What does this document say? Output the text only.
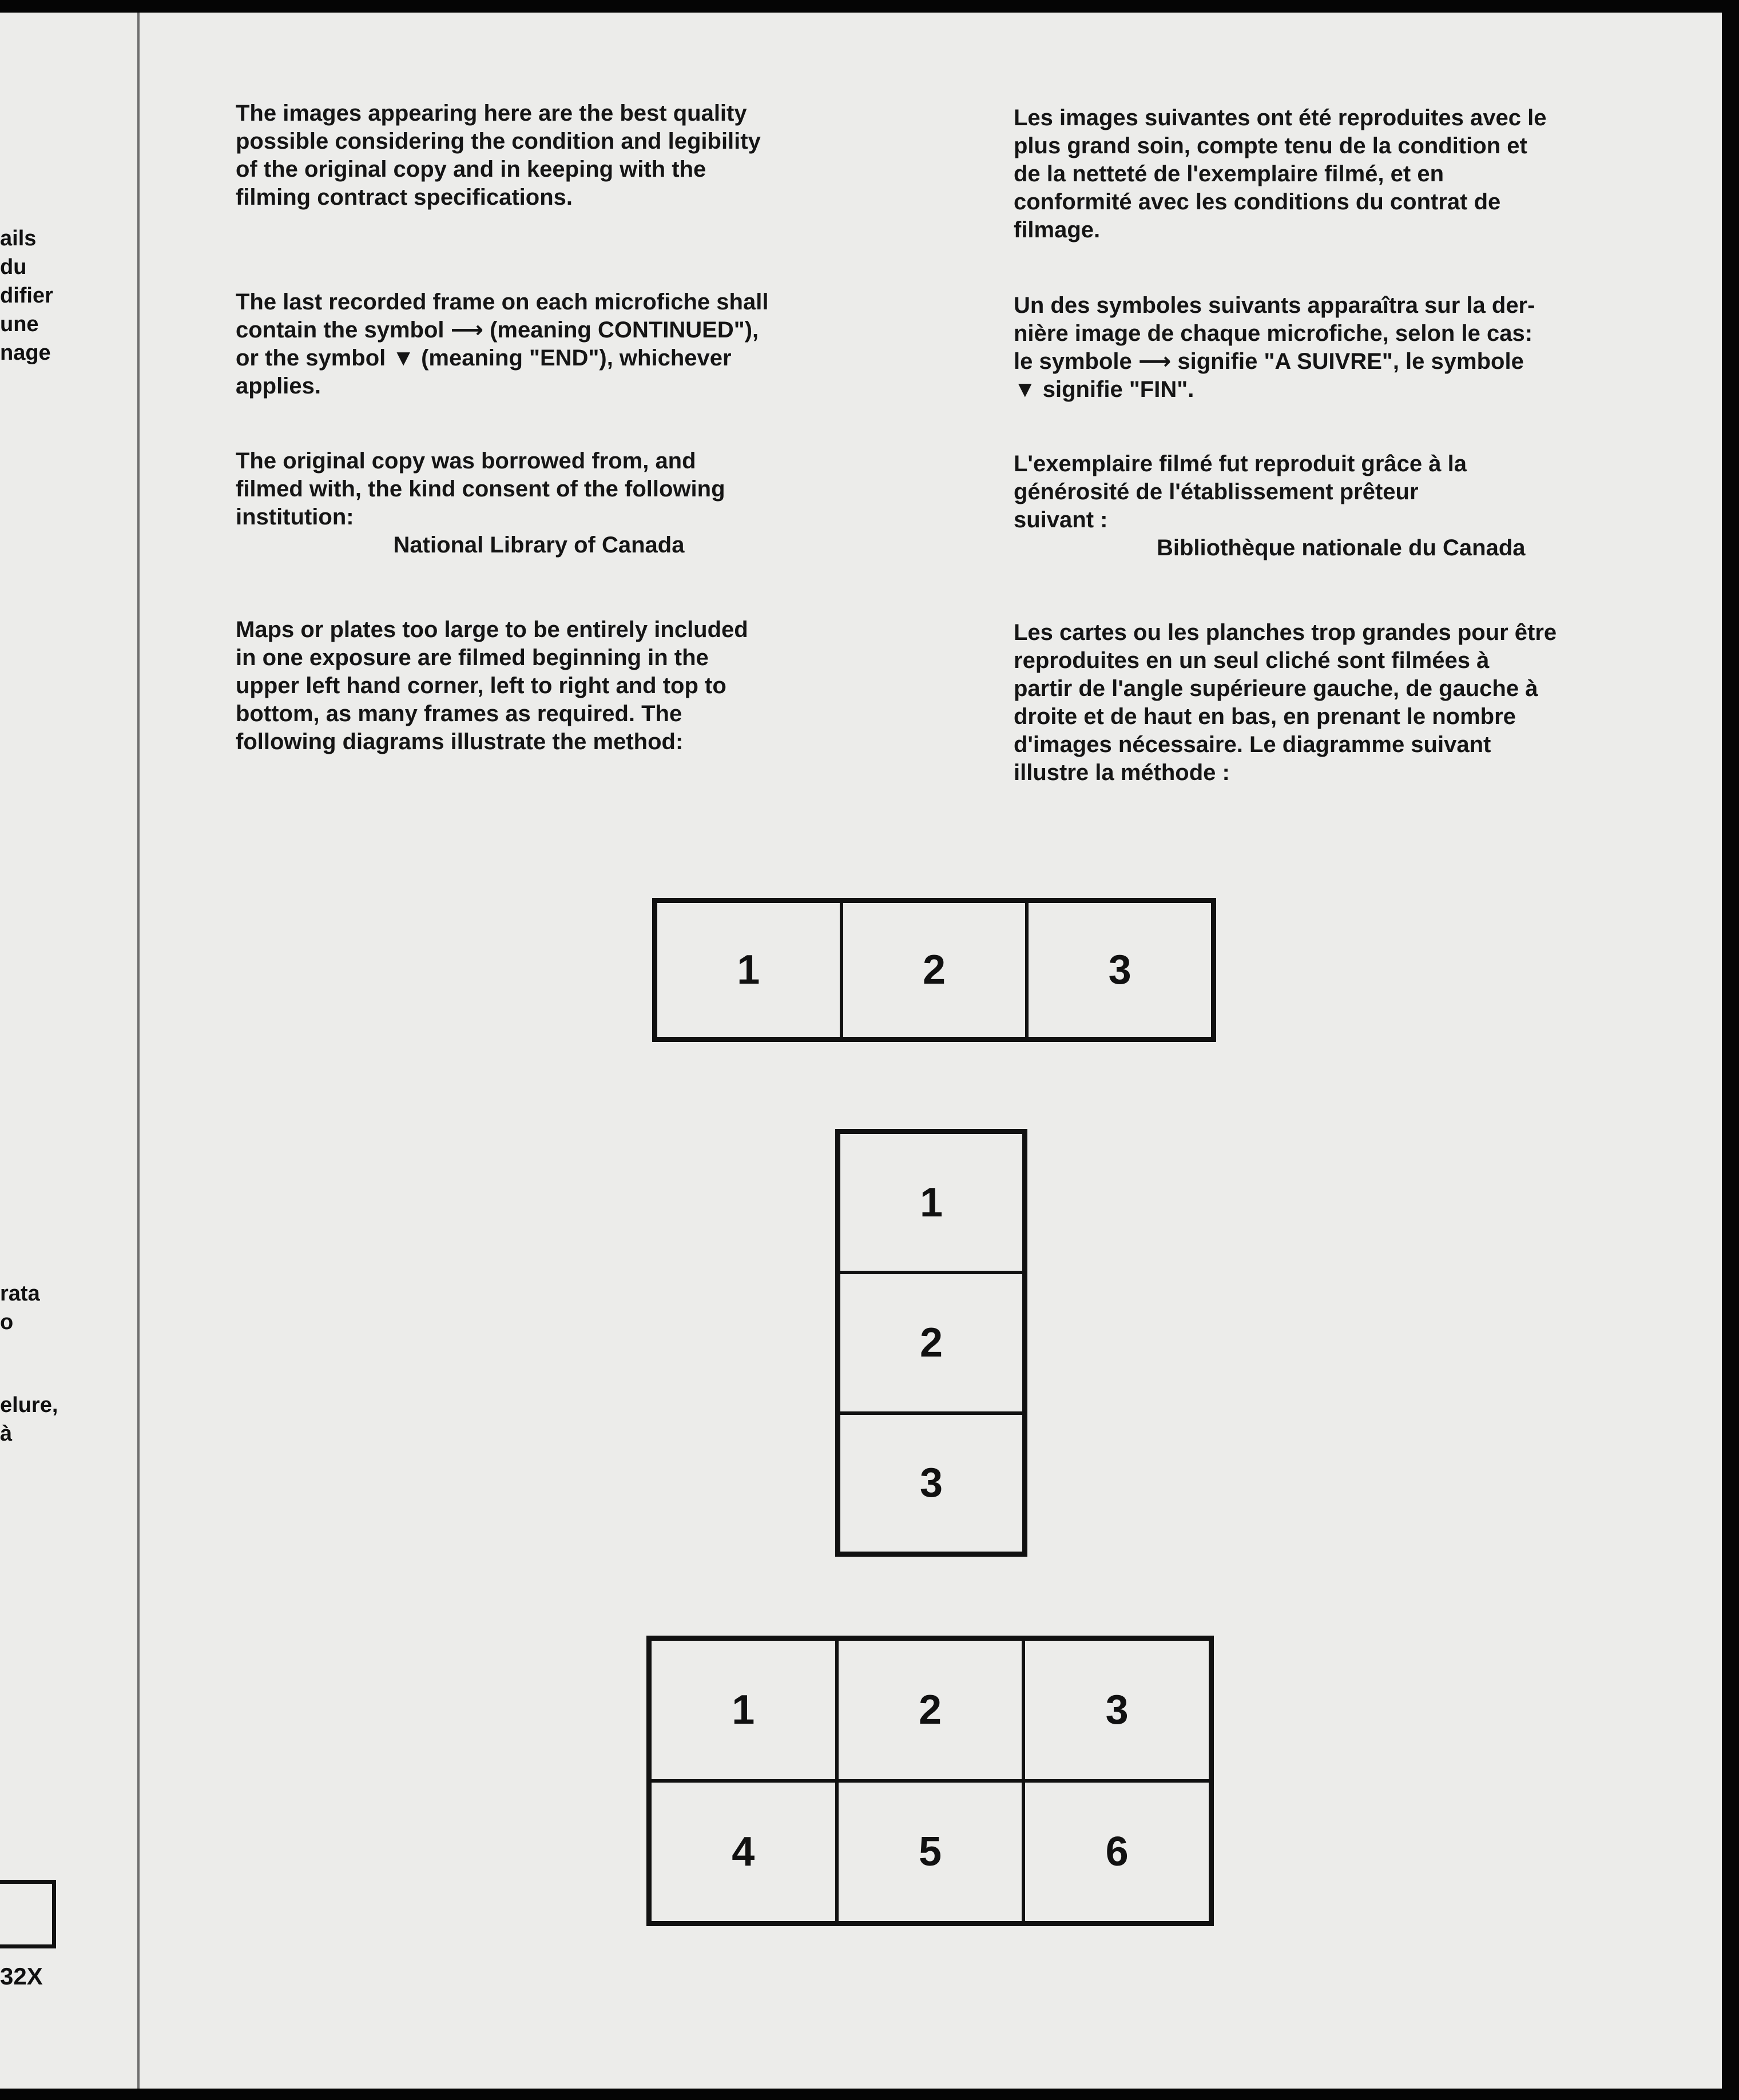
ails
du
difier
une
nage
rata
o
elure,
à
32X
The images appearing here are the best quality
possible considering the condition and legibility
of the original copy and in keeping with the
filming contract specifications.
The last recorded frame on each microfiche shall
contain the symbol ⟶ (meaning CONTINUED"),
or the symbol ▼ (meaning "END"), whichever
applies.
The original copy was borrowed from, and
filmed with, the kind consent of the following
institution:
National Library of Canada
Maps or plates too large to be entirely included
in one exposure are filmed beginning in the
upper left hand corner, left to right and top to
bottom, as many frames as required. The
following diagrams illustrate the method:
Les images suivantes ont été reproduites avec le
plus grand soin, compte tenu de la condition et
de la netteté de l'exemplaire filmé, et en
conformité avec les conditions du contrat de
filmage.
Un des symboles suivants apparaîtra sur la der-
nière image de chaque microfiche, selon le cas:
le symbole ⟶ signifie "A SUIVRE", le symbole
▼ signifie "FIN".
L'exemplaire filmé fut reproduit grâce à la
générosité de l'établissement prêteur
suivant :
Bibliothèque nationale du Canada
Les cartes ou les planches trop grandes pour être
reproduites en un seul cliché sont filmées à
partir de l'angle supérieure gauche, de gauche à
droite et de haut en bas, en prenant le nombre
d'images nécessaire. Le diagramme suivant
illustre la méthode :
1	2	3
1
2
3
1	2	3
4	5	6
